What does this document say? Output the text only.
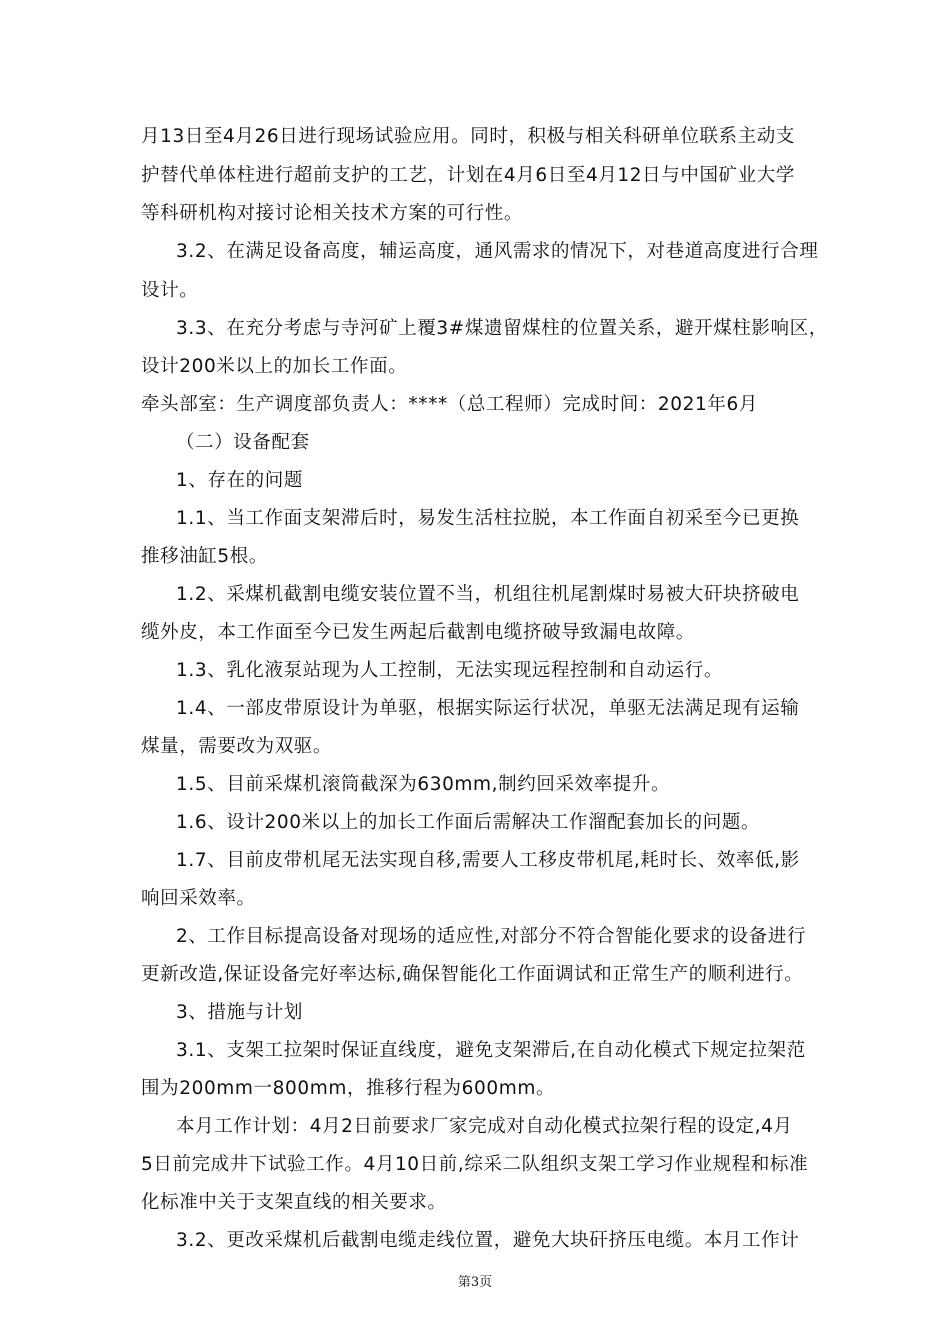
月13日至4月26日进行现场试验应用。同时，积极与相关科研单位联系主动支
护替代单体柱进行超前支护的工艺，计划在4月6日至4月12日与中国矿业大学
等科研机构对接讨论相关技术方案的可行性。
3.2、在满足设备高度，辅运高度，通风需求的情况下，对巷道高度进行合理
设计。
3.3、在充分考虑与寺河矿上覆3#煤遗留煤柱的位置关系，避开煤柱影响区，
设计200米以上的加长工作面。
牵头部室：生产调度部负责人：****（总工程师）完成时间：2021年6月
（二）设备配套
1、存在的问题
1.1、当工作面支架滞后时，易发生活柱拉脱，本工作面自初采至今已更换
推移油缸5根。
1.2、采煤机截割电缆安装位置不当，机组往机尾割煤时易被大矸块挤破电
缆外皮，本工作面至今已发生两起后截割电缆挤破导致漏电故障。
1.3、乳化液泵站现为人工控制，无法实现远程控制和自动运行。
1.4、一部皮带原设计为单驱，根据实际运行状况，单驱无法满足现有运输
煤量，需要改为双驱。
1.5、目前采煤机滚筒截深为630mm,制约回采效率提升。
1.6、设计200米以上的加长工作面后需解决工作溜配套加长的问题。
1.7、目前皮带机尾无法实现自移,需要人工移皮带机尾,耗时长、效率低,影
响回采效率。
2、工作目标提高设备对现场的适应性,对部分不符合智能化要求的设备进行
更新改造,保证设备完好率达标,确保智能化工作面调试和正常生产的顺利进行。
3、措施与计划
3.1、支架工拉架时保证直线度，避免支架滞后,在自动化模式下规定拉架范
围为200mm一800mm，推移行程为600mm。
本月工作计划：4月2日前要求厂家完成对自动化模式拉架行程的设定,4月
5日前完成井下试验工作。4月10日前,综采二队组织支架工学习作业规程和标准
化标准中关于支架直线的相关要求。
3.2、更改采煤机后截割电缆走线位置，避免大块矸挤压电缆。本月工作计
第3页
